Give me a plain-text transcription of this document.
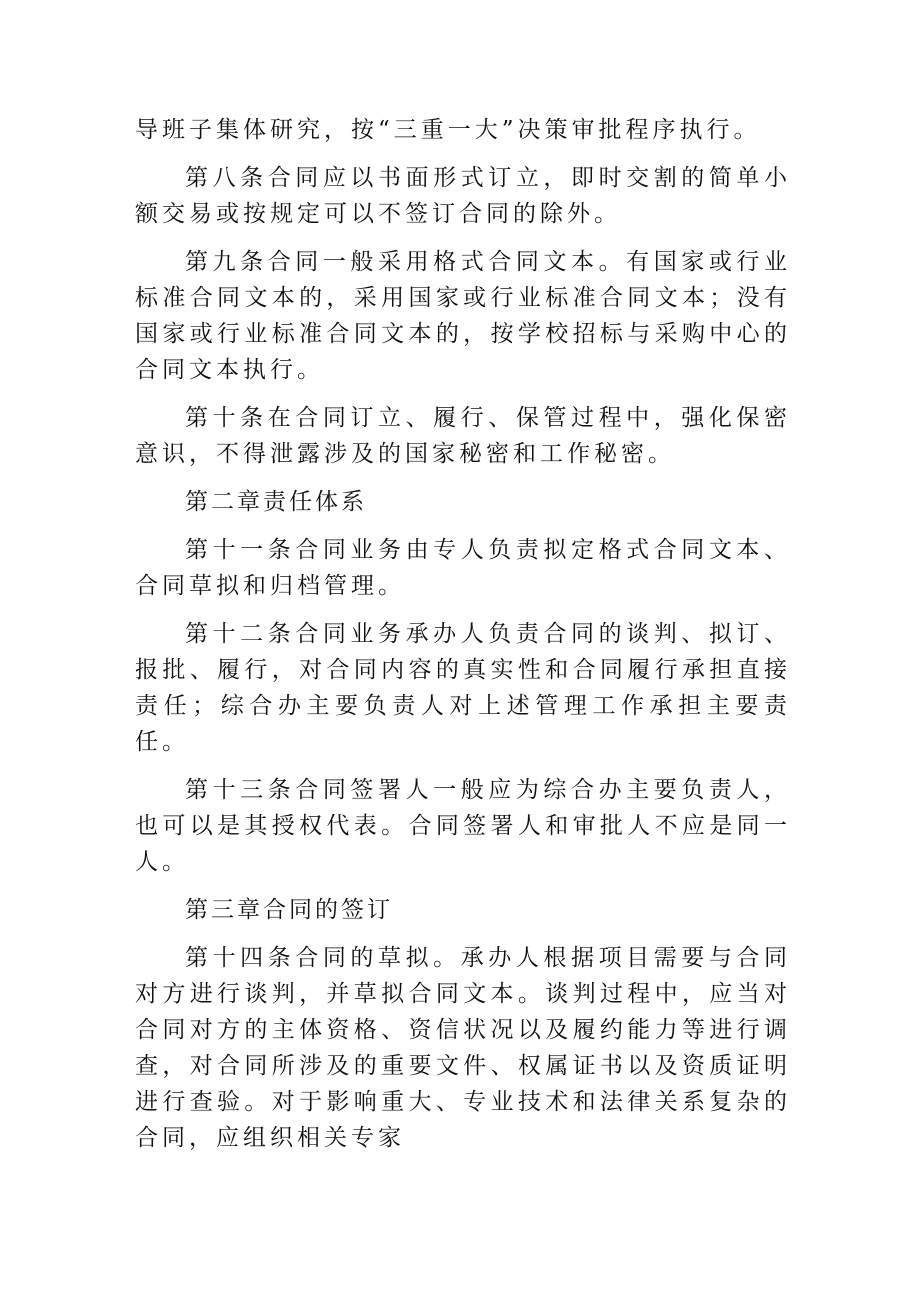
导班子集体研究，按“三重一大”决策审批程序执行。

第八条合同应以书面形式订立，即时交割的简单小额交易或按规定可以不签订合同的除外。

第九条合同一般采用格式合同文本。有国家或行业标准合同文本的，采用国家或行业标准合同文本；没有国家或行业标准合同文本的，按学校招标与采购中心的合同文本执行。

第十条在合同订立、履行、保管过程中，强化保密意识，不得泄露涉及的国家秘密和工作秘密。

第二章责任体系

第十一条合同业务由专人负责拟定格式合同文本、合同草拟和归档管理。

第十二条合同业务承办人负责合同的谈判、拟订、报批、履行，对合同内容的真实性和合同履行承担直接责任；综合办主要负责人对上述管理工作承担主要责任。

第十三条合同签署人一般应为综合办主要负责人，也可以是其授权代表。合同签署人和审批人不应是同一人。

第三章合同的签订

第十四条合同的草拟。承办人根据项目需要与合同对方进行谈判，并草拟合同文本。谈判过程中，应当对合同对方的主体资格、资信状况以及履约能力等进行调查，对合同所涉及的重要文件、权属证书以及资质证明进行查验。对于影响重大、专业技术和法律关系复杂的合同，应组织相关专家
